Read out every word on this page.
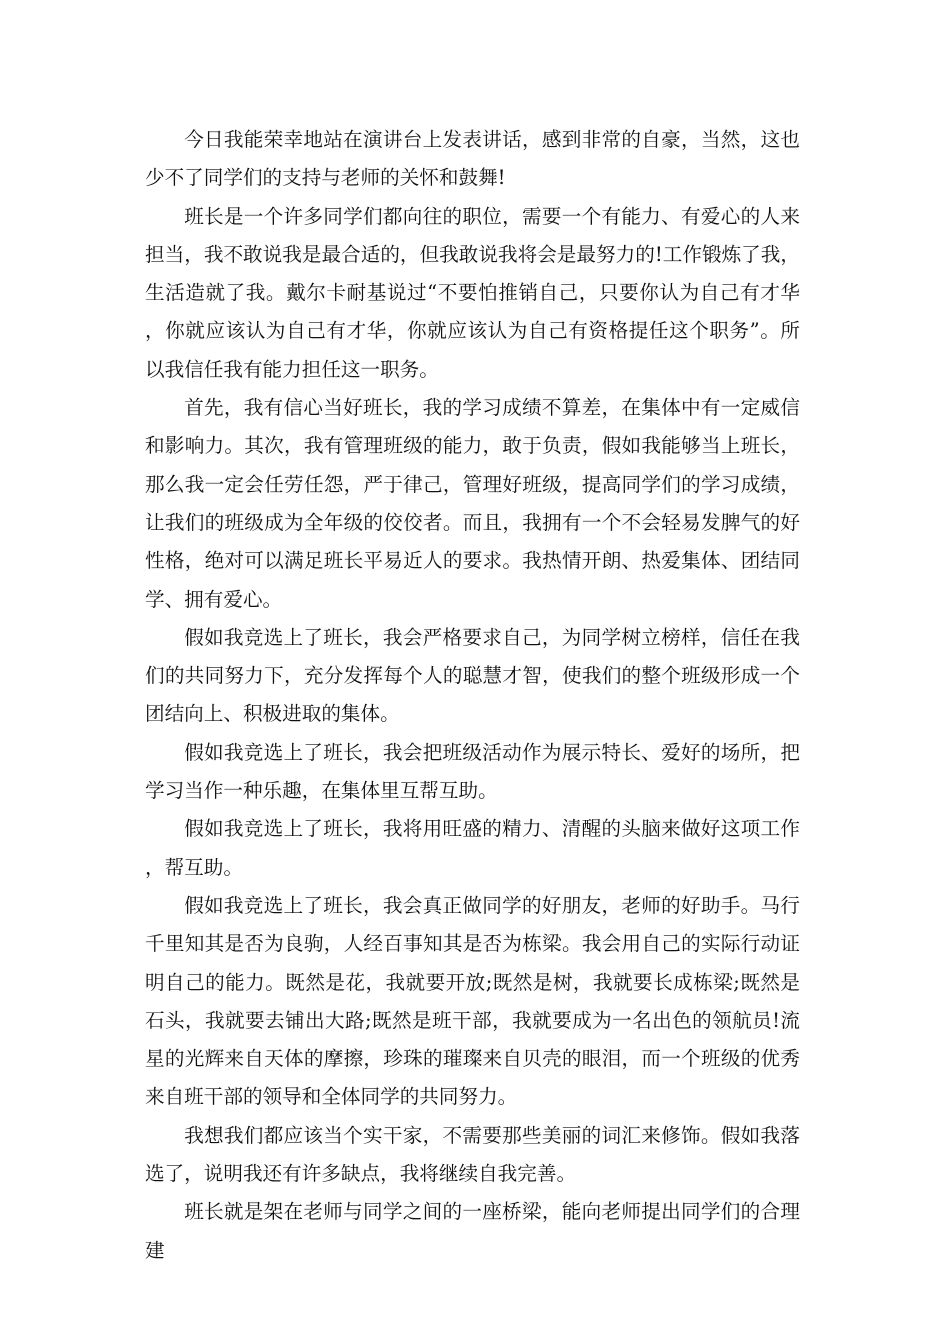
今日我能荣幸地站在演讲台上发表讲话，感到非常的自豪，当然，这也少不了同学们的支持与老师的关怀和鼓舞!

班长是一个许多同学们都向往的职位，需要一个有能力、有爱心的人来担当，我不敢说我是最合适的，但我敢说我将会是最努力的!工作锻炼了我，生活造就了我。戴尔卡耐基说过“不要怕推销自己，只要你认为自己有才华，你就应该认为自己有才华，你就应该认为自己有资格提任这个职务”。所以我信任我有能力担任这一职务。

首先，我有信心当好班长，我的学习成绩不算差，在集体中有一定威信和影响力。其次，我有管理班级的能力，敢于负责，假如我能够当上班长，那么我一定会任劳任怨，严于律己，管理好班级，提高同学们的学习成绩，让我们的班级成为全年级的佼佼者。而且，我拥有一个不会轻易发脾气的好性格，绝对可以满足班长平易近人的要求。我热情开朗、热爱集体、团结同学、拥有爱心。

假如我竞选上了班长，我会严格要求自己，为同学树立榜样，信任在我们的共同努力下，充分发挥每个人的聪慧才智，使我们的整个班级形成一个团结向上、积极进取的集体。

假如我竞选上了班长，我会把班级活动作为展示特长、爱好的场所，把学习当作一种乐趣，在集体里互帮互助。

假如我竞选上了班长，我将用旺盛的精力、清醒的头脑来做好这项工作，帮互助。

假如我竞选上了班长，我会真正做同学的好朋友，老师的好助手。马行千里知其是否为良驹，人经百事知其是否为栋梁。我会用自己的实际行动证明自己的能力。既然是花，我就要开放;既然是树，我就要长成栋梁;既然是石头，我就要去铺出大路;既然是班干部，我就要成为一名出色的领航员!流星的光辉来自天体的摩擦，珍珠的璀璨来自贝壳的眼泪，而一个班级的优秀来自班干部的领导和全体同学的共同努力。

我想我们都应该当个实干家，不需要那些美丽的词汇来修饰。假如我落选了，说明我还有许多缺点，我将继续自我完善。

班长就是架在老师与同学之间的一座桥梁，能向老师提出同学们的合理建
